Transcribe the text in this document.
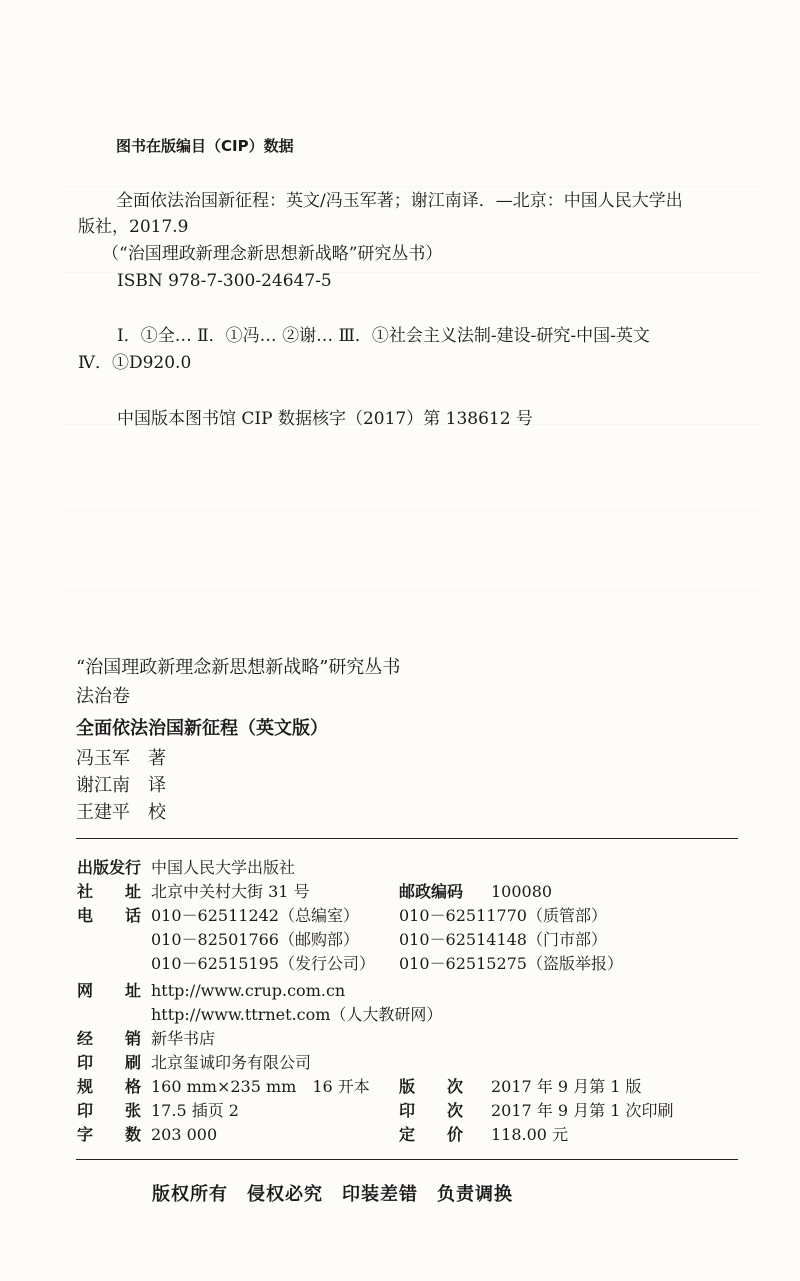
图书在版编目（CIP）数据
全面依法治国新征程：英文/冯玉军著；谢江南译．—北京：中国人民大学出
版社，2017.9
（“治国理政新理念新思想新战略”研究丛书）
ISBN 978-7-300-24647-5
Ⅰ．①全… Ⅱ．①冯… ②谢… Ⅲ．①社会主义法制-建设-研究-中国-英文
Ⅳ．①D920.0
中国版本图书馆 CIP 数据核字（2017）第 138612 号
“治国理政新理念新思想新战略”研究丛书
法治卷
全面依法治国新征程（英文版）
冯玉军　著
谢江南　译
王建平　校
出版发行 中国人民大学出版社
社　　址 北京中关村大街 31 号	邮政编码 100080
电　　话 010－62511242（总编室）	010－62511770（质管部）
010－82501766（邮购部）	010－62514148（门市部）
010－62515195（发行公司） 010－62515275（盗版举报）
网　　址 http://www.crup.com.cn
http://www.ttrnet.com（人大教研网）
经　　销 新华书店
印　　刷 北京玺诚印务有限公司
规　　格 160 mm×235 mm　16 开本 版　　次 2017 年 9 月第 1 版
印　　张 17.5 插页 2	印　　次 2017 年 9 月第 1 次印刷
字　　数 203 000	定　　价 118.00 元
版权所有　侵权必究　印装差错　负责调换
